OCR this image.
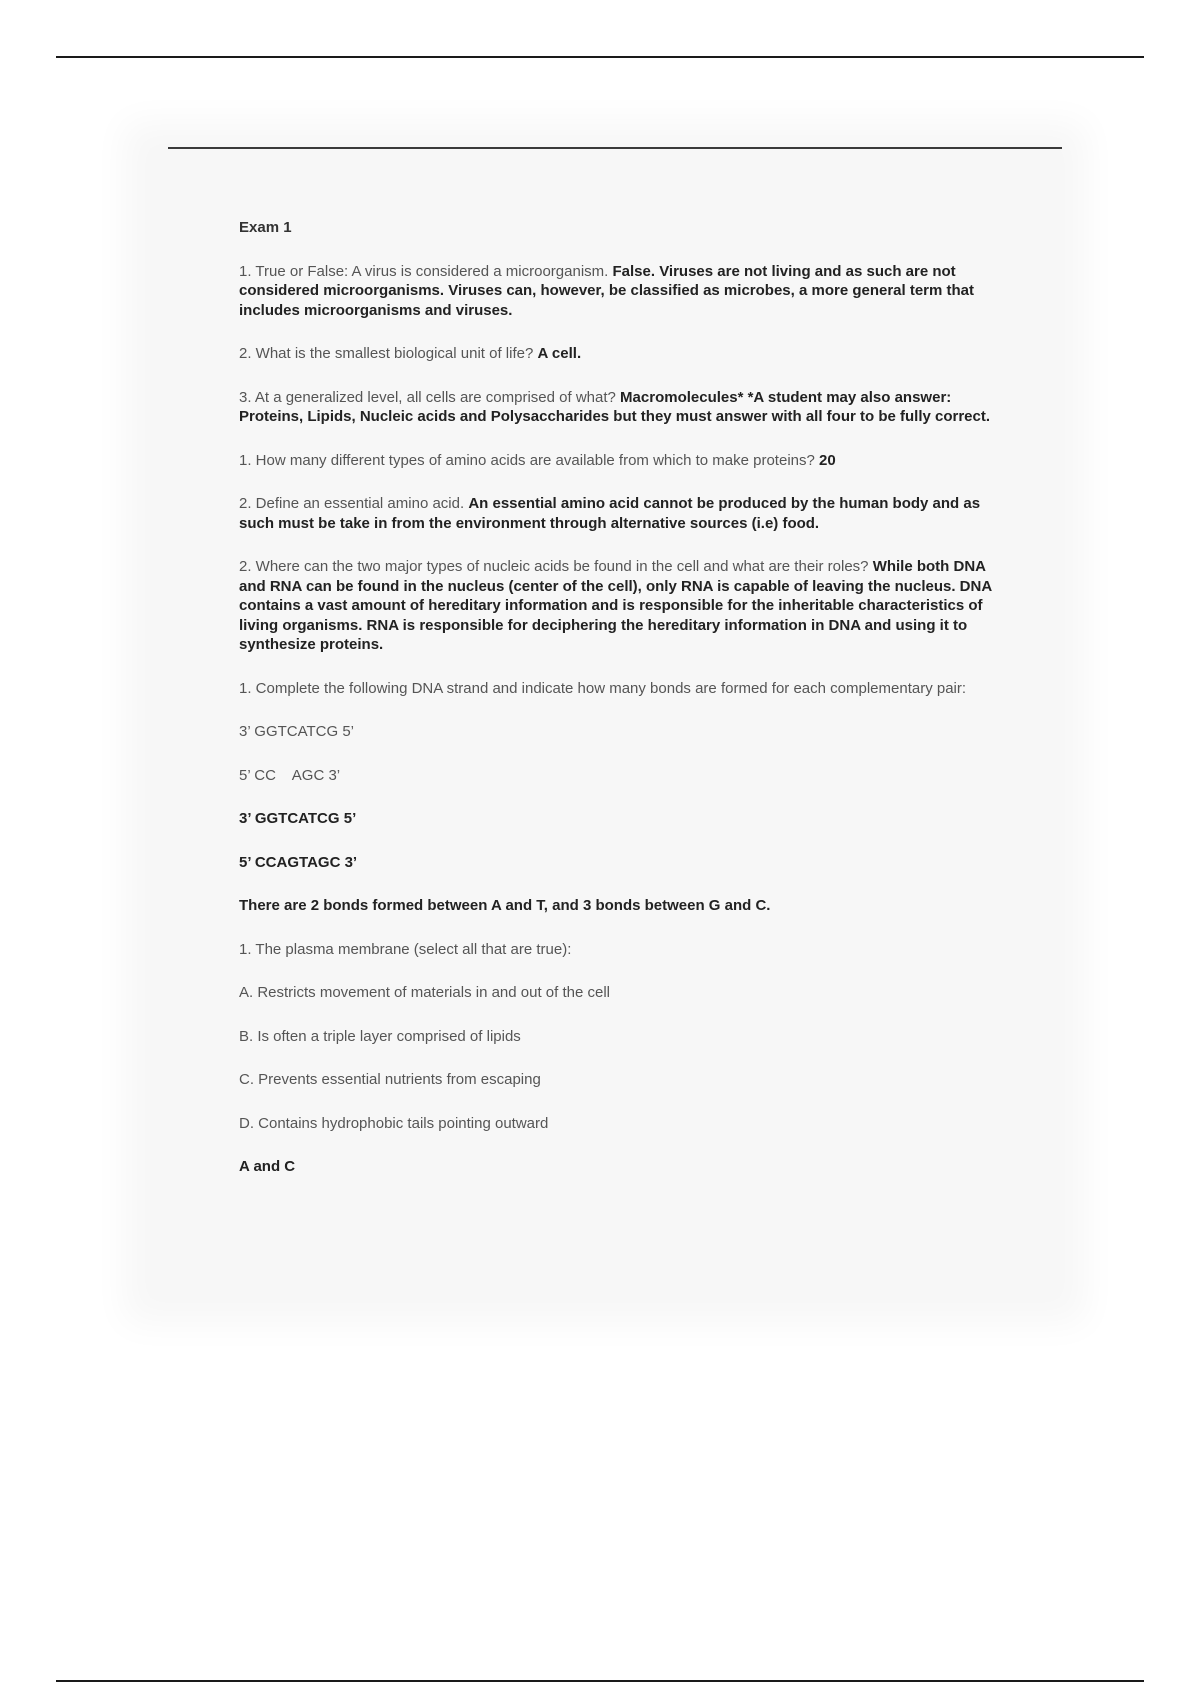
Exam 1

1. True or False: A virus is considered a microorganism. False. Viruses are not living and as such are not considered microorganisms. Viruses can, however, be classified as microbes, a more general term that includes microorganisms and viruses.

2. What is the smallest biological unit of life? A cell.

3. At a generalized level, all cells are comprised of what? Macromolecules* *A student may also answer: Proteins, Lipids, Nucleic acids and Polysaccharides but they must answer with all four to be fully correct.

1. How many different types of amino acids are available from which to make proteins? 20

2. Define an essential amino acid. An essential amino acid cannot be produced by the human body and as such must be take in from the environment through alternative sources (i.e) food.

2. Where can the two major types of nucleic acids be found in the cell and what are their roles? While both DNA and RNA can be found in the nucleus (center of the cell), only RNA is capable of leaving the nucleus. DNA contains a vast amount of hereditary information and is responsible for the inheritable characteristics of living organisms. RNA is responsible for deciphering the hereditary information in DNA and using it to synthesize proteins.

1. Complete the following DNA strand and indicate how many bonds are formed for each complementary pair:

3’ GGTCATCG 5’

5’ CC    AGC 3’

3’ GGTCATCG 5’

5’ CCAGTAGC 3’

There are 2 bonds formed between A and T, and 3 bonds between G and C.

1. The plasma membrane (select all that are true):

A. Restricts movement of materials in and out of the cell

B. Is often a triple layer comprised of lipids

C. Prevents essential nutrients from escaping

D. Contains hydrophobic tails pointing outward

A and C
